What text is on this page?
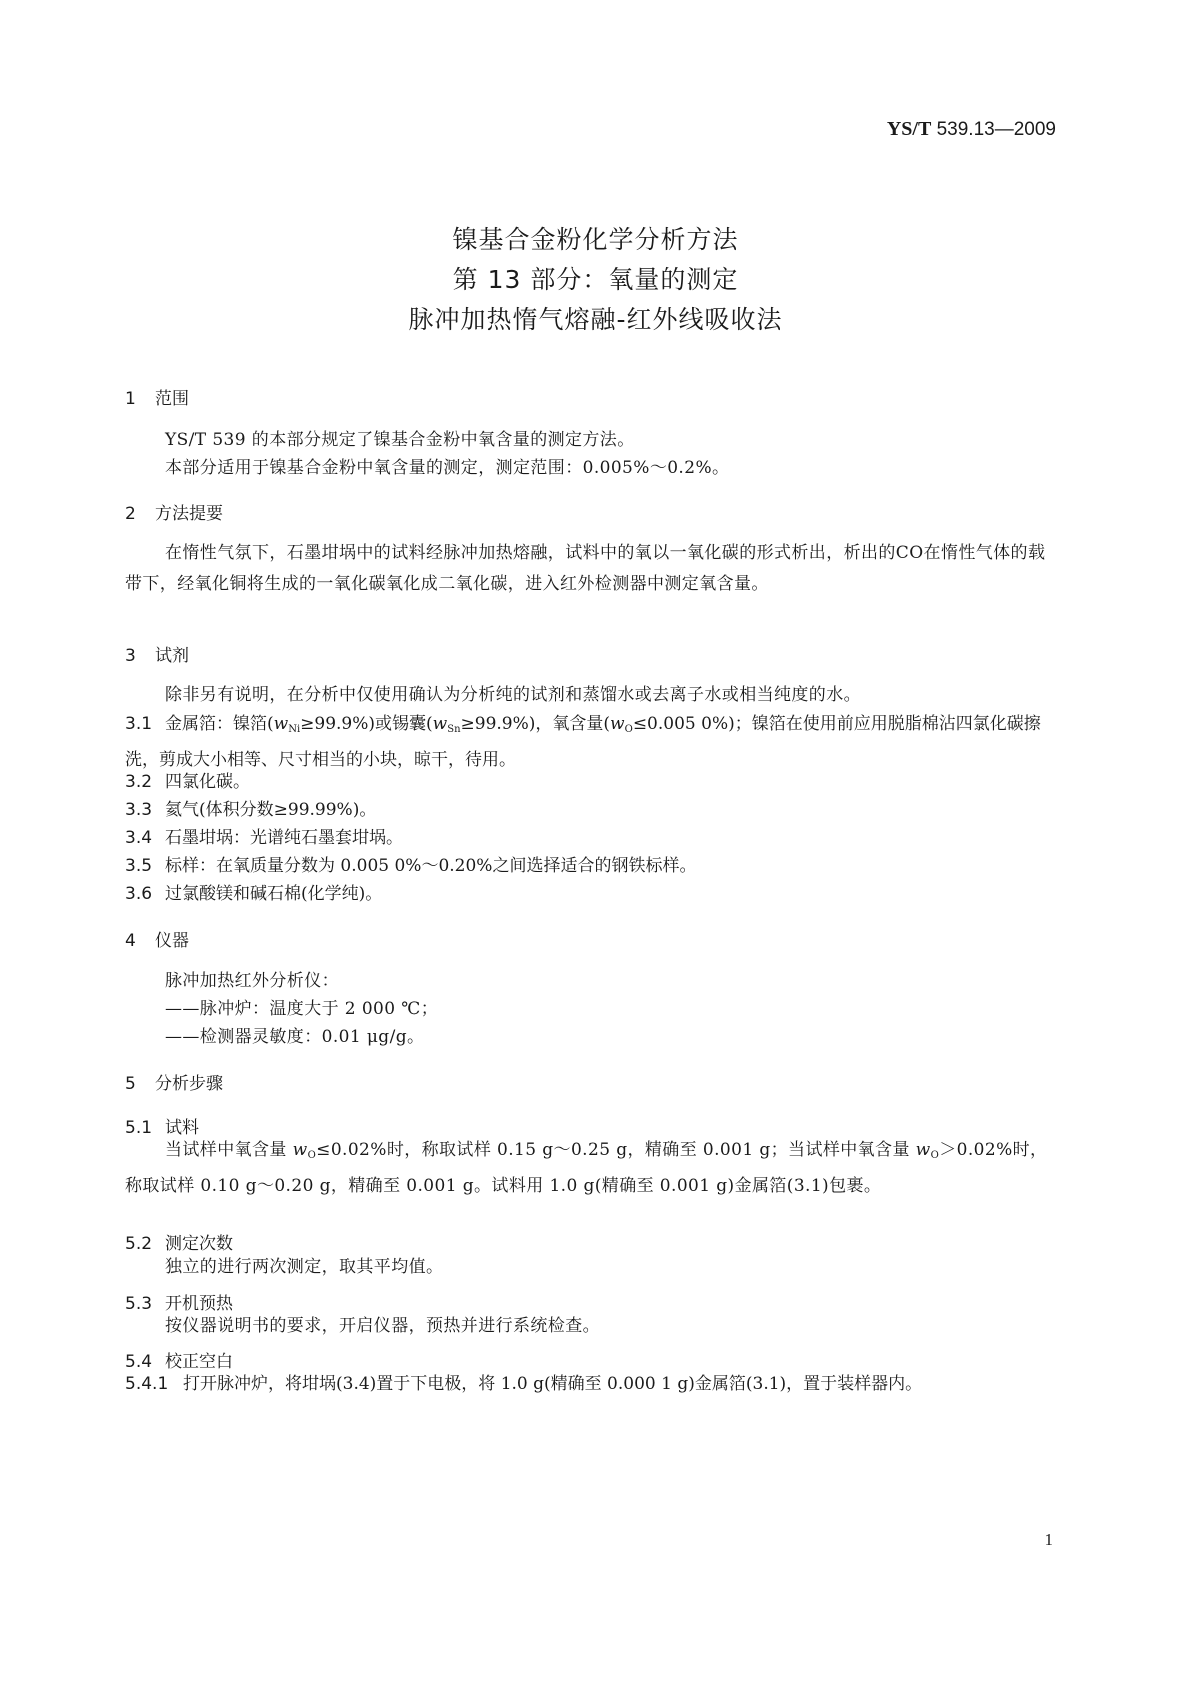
YS/T 539.13—2009
镍基合金粉化学分析方法
第 13 部分：氧量的测定
脉冲加热惰气熔融-红外线吸收法
1 范围
YS/T 539 的本部分规定了镍基合金粉中氧含量的测定方法。
本部分适用于镍基合金粉中氧含量的测定，测定范围：0.005%～0.2%。
2 方法提要
在惰性气氛下，石墨坩埚中的试料经脉冲加热熔融，试料中的氧以一氧化碳的形式析出，析出的CO在惰性气体的载带下，经氧化铜将生成的一氧化碳氧化成二氧化碳，进入红外检测器中测定氧含量。
3 试剂
除非另有说明，在分析中仅使用确认为分析纯的试剂和蒸馏水或去离子水或相当纯度的水。
3.1 金属箔：镍箔$(w_{Ni}\ge 99.9\%)$或锡囊$(w_{Sn}\ge 99.9\%)$，氧含量($w_O\le 0.005$ 0%)；镍箔在使用前应用脱脂棉沾四氯化碳擦洗，剪成大小相等、尺寸相当的小块，晾干，待用。
3.2 四氯化碳。
3.3 氦气(体积分数≥99.99%)。
3.4 石墨坩埚：光谱纯石墨套坩埚。
3.5 标样：在氧质量分数为 0.005 0%～0.20%之间选择适合的钢铁标样。
3.6 过氯酸镁和碱石棉(化学纯)。
4 仪器
脉冲加热红外分析仪：
——脉冲炉：温度大于 2 000 ℃；
——检测器灵敏度：0.01 μg/g。
5 分析步骤
5.1 试料
当试样中氧含量 $w_O\le 0.02\%$时，称取试样 0.15 g～0.25 g，精确至 0.001 g；当试样中氧含量 $w_O>0.02\%$时，称取试样 0.10 g～0.20 g，精确至 0.001 g。试料用 1.0 g(精确至 0.001 g)金属箔(3.1)包裹。
5.2 测定次数
独立的进行两次测定，取其平均值。
5.3 开机预热
按仪器说明书的要求，开启仪器，预热并进行系统检查。
5.4 校正空白
5.4.1 打开脉冲炉，将坩埚(3.4)置于下电极，将 1.0 g(精确至 0.000 1 g)金属箔(3.1)，置于装样器内。
1
